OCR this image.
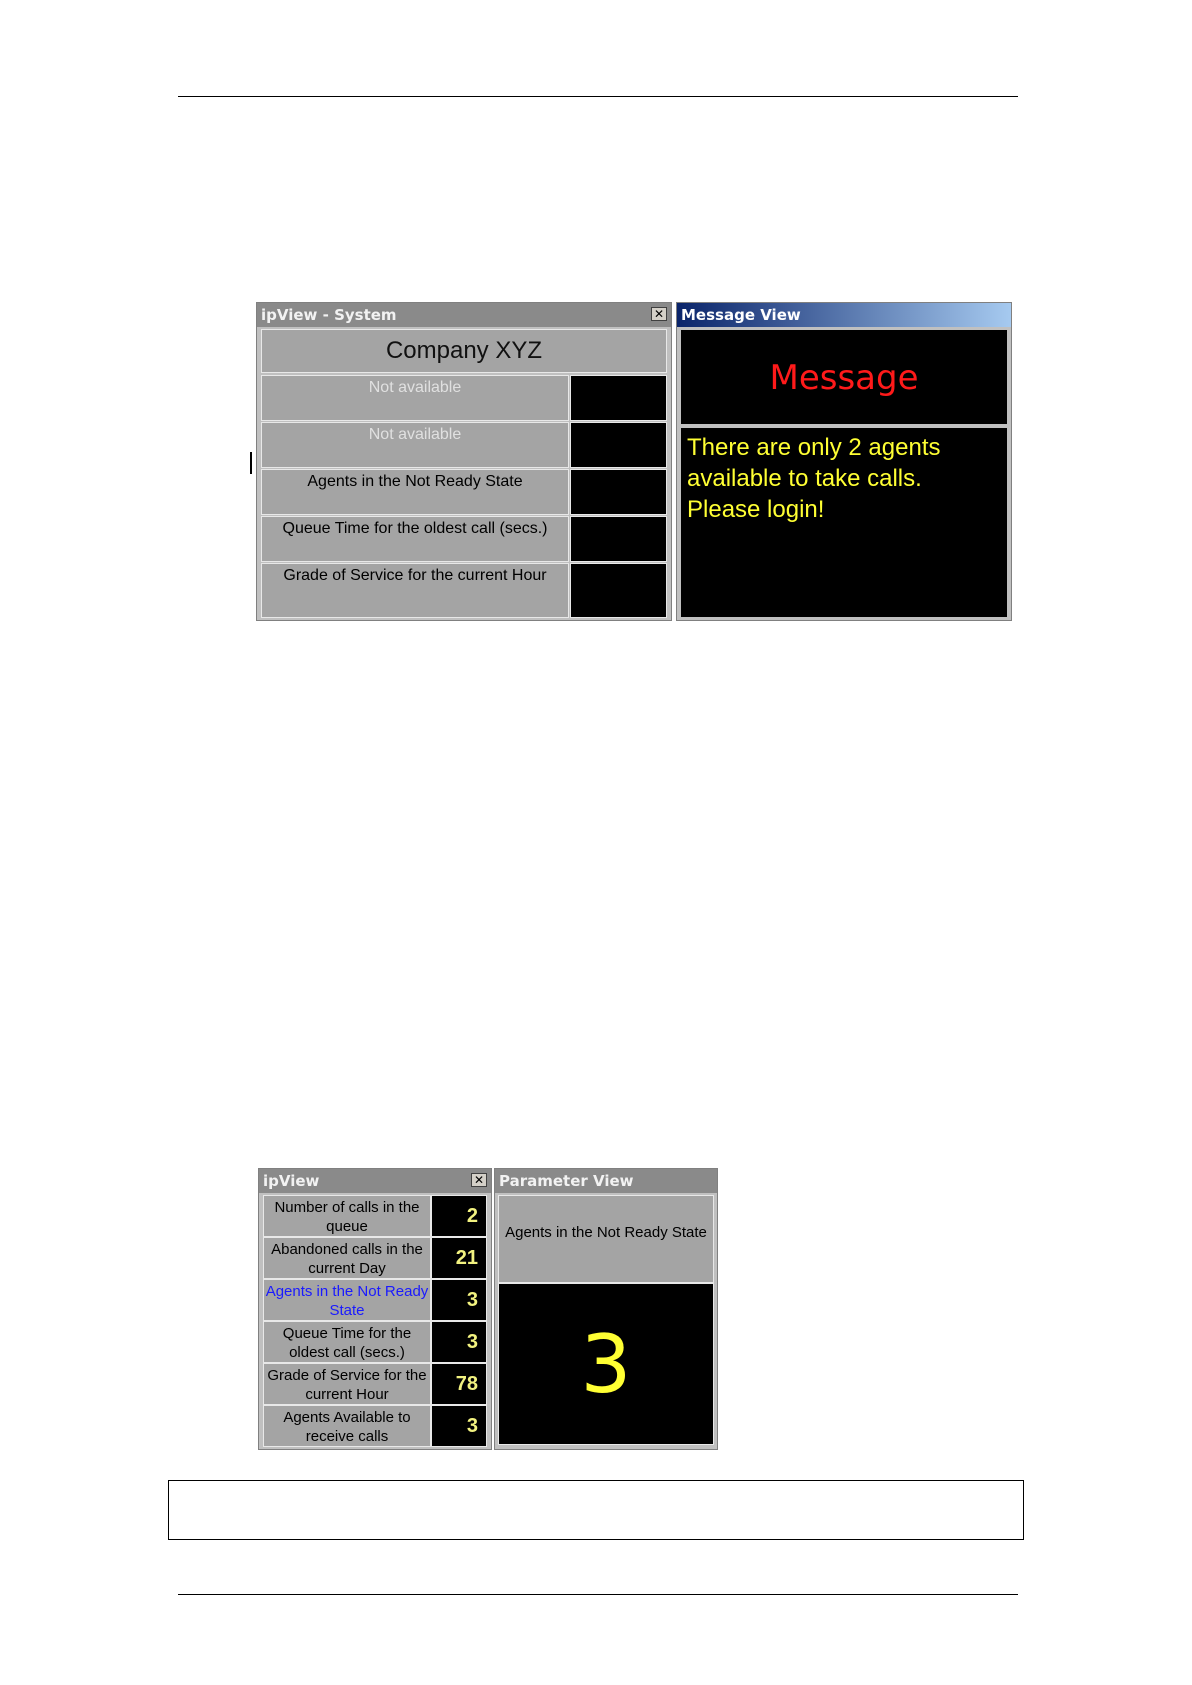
ipView - System	✕
Company XYZ
Not available
Not available
Agents in the Not Ready State
Queue Time for the oldest call (secs.)
Grade of Service for the current Hour
Message View
Message
There are only 2 agents available to take calls. Please login!
ipView	✕
Number of calls in the queue	2
Abandoned calls in the current Day	21
Agents in the Not Ready State	3
Queue Time for the oldest call (secs.)	3
Grade of Service for the current Hour	78
Agents Available to receive calls	3
Parameter View
Agents in the Not Ready State
3
